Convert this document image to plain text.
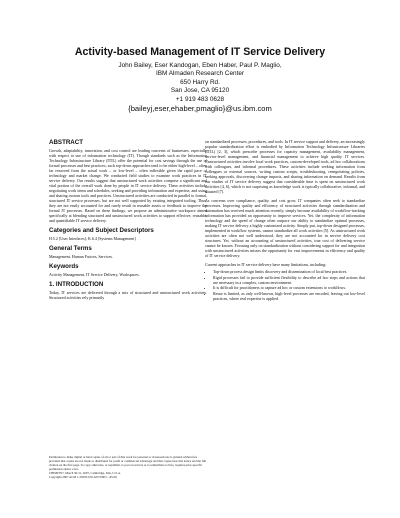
Activity-based Management of IT Service Delivery
John Bailey, Eser Kandogan, Eben Haber, Paul P. Maglio,
IBM Almaden Research Center
650 Harry Rd.
San Jose, CA 95120
+1 919 483 0628
{baileyj,eser,ehaber,pmaglio}@us.ibm.com
ABSTRACT

Growth, adaptability, innovation, and cost control are leading concerns of businesses, especially with respect to use of information technology (IT). Though standards such as the Information Technology Infrastructure Library (ITIL) offer the potential for cost savings through the use of formal processes and best practices, such top-down approaches tend to be either high-level – often far removed from the actual work – or low-level – often inflexible given the rapid pace of technology and market change. We conducted field studies to examine work practices in IT service delivery. Our results suggest that unstructured work activities comprise a significant and vital portion of the overall work done by people in IT service delivery. These activities include negotiating work items and schedules, seeking and providing information and expertise, and using and sharing custom tools and practices. Unstructured activities are conducted in parallel to formal, structured IT service processes, but are not well supported by existing integrated tooling. Thus, they are not easily accounted for and rarely result in reusable assets or feedback to improve the formal IT processes. Based on these findings, we propose an administrative workspace aimed specifically at blending structured and unstructured work activities to support effective, reusable, and quantifiable IT service delivery.

Categories and Subject Descriptors

H.5.2 [User Interfaces]; K.6.4 [Systems Management]

General Terms

Management, Human Factors, Services.

Keywords

Activity Management, IT Service Delivery, Workspaces.

1. INTRODUCTION

Today, IT services are delivered through a mix of structured and unstructured work activities. Structured activities rely primarily

Permission to make digital or hard copies of all or part of this work for personal or classroom use is granted without fee provided that copies are not made or distributed for profit or commercial advantage and that copies bear this notice and the full citation on the first page. To copy otherwise, or republish, to post on servers or to redistribute to lists, requires prior specific permission and/or a fee.
CHIMIT'07, March 30-31, 2007, Cambridge, MA, U.S.A.
Copyright 2007 ACM 1-59593-635-6/07/0003 ...$5.00.

on standardized processes, procedures, and tools. In IT service support and delivery, an increasingly popular standardization effort is embodied by Information Technology Infrastructure Libraries (ITIL) [2, 3], which prescribe processes for capacity management, availability management, service-level management, and financial management to achieve high quality IT services. Unstructured activities involve local work practices, custom-developed tools, ad hoc collaborations with colleagues, and informal procedures. These activities include seeking information from colleagues or external sources, writing custom scripts, troubleshooting, renegotiating policies, seeking approvals, discovering change impacts, and sharing information on demand. Results from our studies of IT service delivery suggest that considerable time is spent on unstructured work activities [4, 6], which is not surprising as knowledge work is typically collaborative, informal, and situated [7].

As concerns over compliance, quality, and cost grow, IT companies often seek to standardize processes. Improving quality and efficiency of structured activities through standardization and automation has received much attention recently, simply because availability of workflow-tracking information has provided an opportunity to improve services. Yet, the complexity of information technology and the speed of change often outpace our ability to standardize optimal processes, making IT service delivery a highly customized activity. Simply put, top-down designed processes, implemented in workflow systems, cannot standardize all work activities [5]. As unstructured work activities are often not well understood, they are not accounted for in service delivery cost structures. Yet, without an accounting of unstructured activities, true cost of delivering service cannot be known. Focusing only on standardization without considering support for and integration with unstructured activities misses the opportunity for vast improvements in efficiency and quality of IT service delivery.

Current approaches in IT service delivery have many limitations, including:

• Top-down process design limits discovery and dissemination of local best practices.
• Rigid processes fail to provide sufficient flexibility to describe ad hoc steps and actions that are necessary in a complex, custom environment.
• It is difficult for practitioners to capture ad hoc or custom extensions to workflows.
• Reuse is limited, as only well-known, high-level processes are encoded, leaving out low-level practices, where real expertise is applied.
